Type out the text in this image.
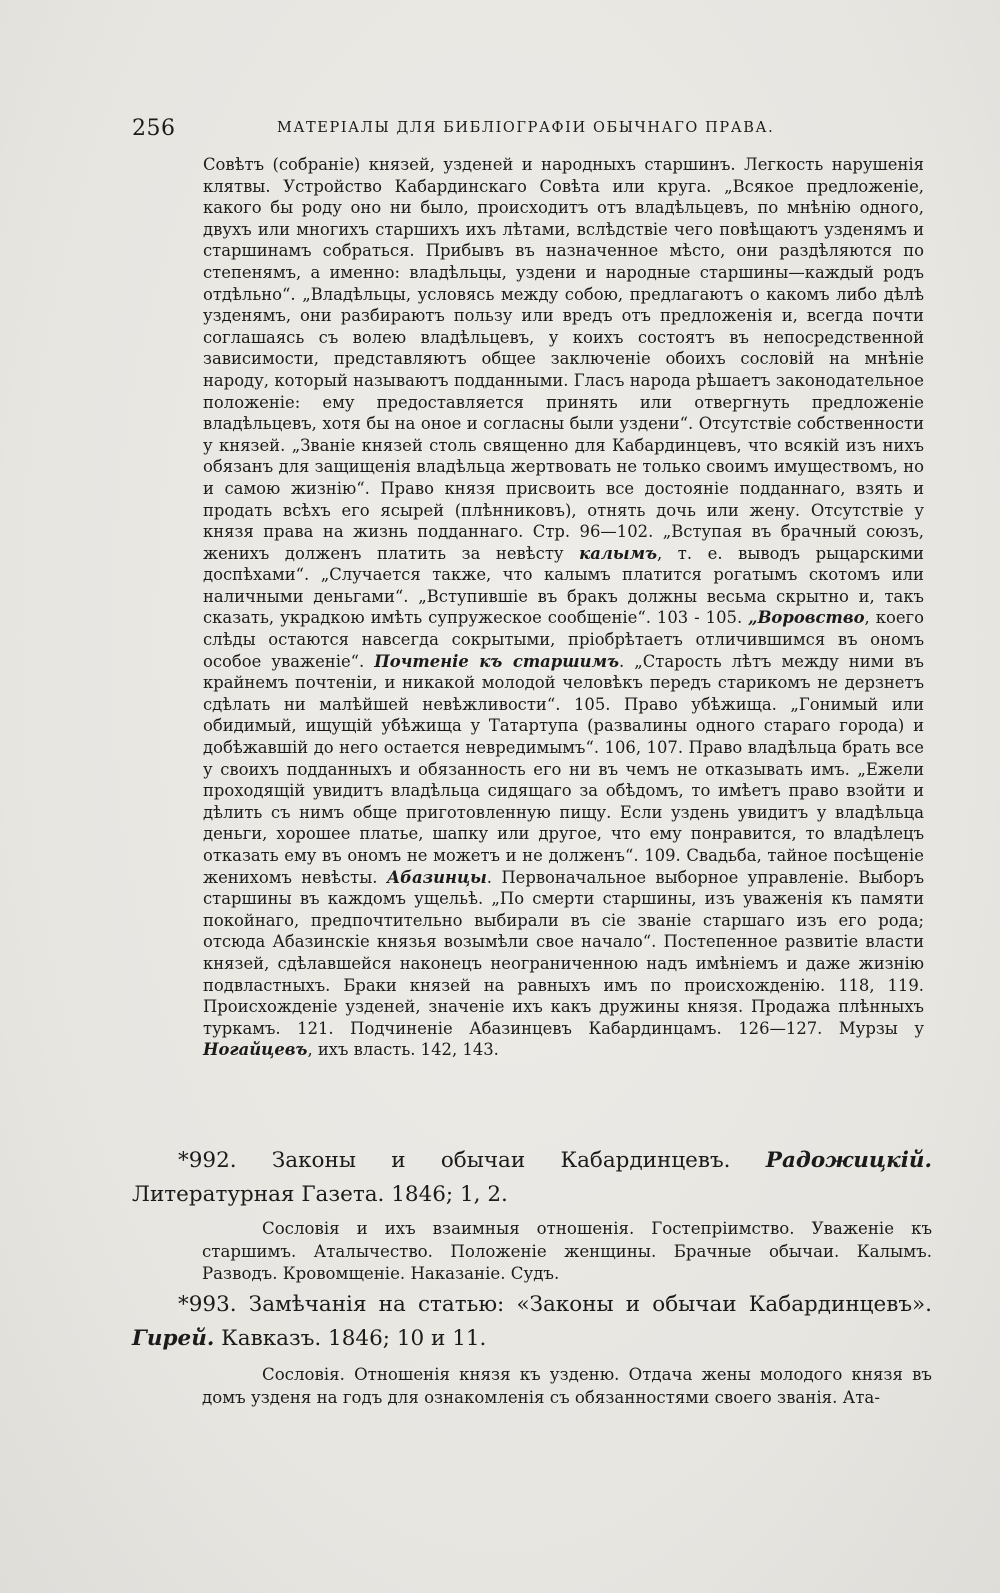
256	МАТЕРІАЛЫ ДЛЯ БИБЛІОГРАФІИ ОБЫЧНАГО ПРАВА.
Совѣтъ (собраніе) князей, узденей и народныхъ старшинъ. Легкость нарушенія клятвы. Устройство Кабардинскаго Совѣта или круга. „Всякое предложеніе, какого бы роду оно ни было, происходитъ отъ владѣльцевъ, по мнѣнію одного, двухъ или многихъ старшихъ ихъ лѣтами, вслѣдствіе чего повѣщаютъ узденямъ и старшинамъ собраться. Прибывъ въ назначенное мѣсто, они раздѣляются по степенямъ, а именно: владѣльцы, уздени и народные старшины—каждый родъ отдѣльно“. „Владѣльцы, условясь между собою, предлагаютъ о какомъ либо дѣлѣ узденямъ, они разбираютъ пользу или вредъ отъ предложенія и, всегда почти соглашаясь съ волею владѣльцевъ, у коихъ состоятъ въ непосредственной зависимости, представляютъ общее заключеніе обоихъ сословій на мнѣніе народу, который называютъ подданными. Гласъ народа рѣшаетъ законодательное положеніе: ему предоставляется принять или отвергнуть предложеніе владѣльцевъ, хотя бы на оное и согласны были уздени“. Отсутствіе собственности у князей. „Званіе князей столь священно для Кабардинцевъ, что всякій изъ нихъ обязанъ для защищенія владѣльца жертвовать не только своимъ имуществомъ, но и самою жизнію“. Право князя присвоить все достояніе подданнаго, взять и продать всѣхъ его ясырей (плѣнниковъ), отнять дочь или жену. Отсутствіе у князя права на жизнь подданнаго. Стр. 96—102. „Вступая въ брачный союзъ, женихъ долженъ платить за невѣсту калымъ, т. е. выводъ рыцарскими доспѣхами“. „Случается также, что калымъ платится рогатымъ скотомъ или наличными деньгами“. „Вступившіе въ бракъ должны весьма скрытно и, такъ сказать, украдкою имѣть супружеское сообщеніе“. 103 - 105. „Воровство, коего слѣды остаются навсегда сокрытыми, пріобрѣтаетъ отличившимся въ ономъ особое уваженіе“. Почтеніе къ старшимъ. „Старость лѣтъ между ними въ крайнемъ почтеніи, и никакой молодой человѣкъ передъ старикомъ не дерзнетъ сдѣлать ни малѣйшей невѣжливости“. 105. Право убѣжища. „Гонимый или обидимый, ищущій убѣжища у Татартупа (развалины одного стараго города) и добѣжавшій до него остается невредимымъ“. 106, 107. Право владѣльца брать все у своихъ подданныхъ и обязанность его ни въ чемъ не отказывать имъ. „Ежели проходящій увидитъ владѣльца сидящаго за обѣдомъ, то имѣетъ право взойти и дѣлить съ нимъ обще приготовленную пищу. Если уздень увидитъ у владѣльца деньги, хорошее платье, шапку или другое, что ему понравится, то владѣлецъ отказать ему въ ономъ не можетъ и не долженъ“. 109. Свадьба, тайное посѣщеніе женихомъ невѣсты. Абазинцы. Первоначальное выборное управленіе. Выборъ старшины въ каждомъ ущельѣ. „По смерти старшины, изъ уваженія къ памяти покойнаго, предпочтительно выбирали въ сіе званіе старшаго изъ его рода; отсюда Абазинскіе князья возымѣли свое начало“. Постепенное развитіе власти князей, сдѣлавшейся наконецъ неограниченною надъ имѣніемъ и даже жизнію подвластныхъ. Браки князей на равныхъ имъ по происхожденію. 118, 119. Происхожденіе узденей, значеніе ихъ какъ дружины князя. Продажа плѣнныхъ туркамъ. 121. Подчиненіе Абазинцевъ Кабардинцамъ. 126—127. Мурзы у Ногайцевъ, ихъ власть. 142, 143.
*992. Законы и обычаи Кабардинцевъ. Радожицкій. Литературная Газета. 1846; 1, 2.
Сословія и ихъ взаимныя отношенія. Гостепріимство. Уваженіе къ старшимъ. Аталычество. Положеніе женщины. Брачные обычаи. Калымъ. Разводъ. Кровомщеніе. Наказаніе. Судъ.
*993. Замѣчанія на статью: «Законы и обычаи Кабардинцевъ». Гирей. Кавказъ. 1846; 10 и 11.
Сословія. Отношенія князя къ узденю. Отдача жены молодого князя въ домъ узденя на годъ для ознакомленія съ обязанностями своего званія. Ата-
